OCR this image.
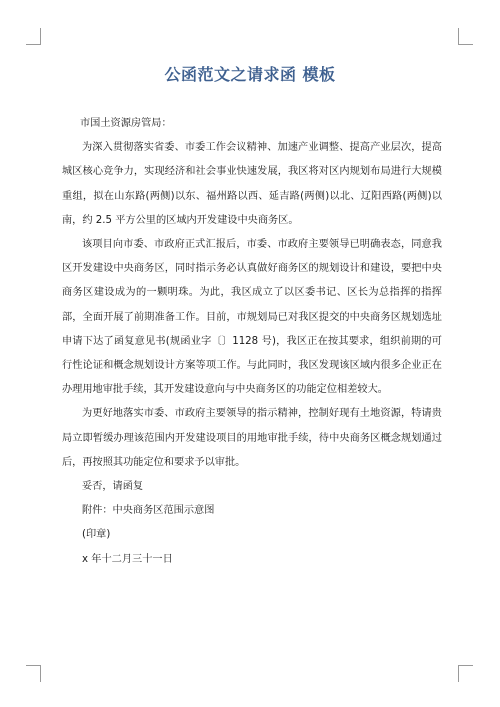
公函范文之请求函 模板

市国土资源房管局：

为深入贯彻落实省委、市委工作会议精神、加速产业调整、提高产业层次，提高城区核心竞争力，实现经济和社会事业快速发展，我区将对区内规划布局进行大规模重组，拟在山东路(两侧)以东、福州路以西、延吉路(两侧)以北、辽阳西路(两侧)以南，约 2.5 平方公里的区域内开发建设中央商务区。

该项目向市委、市政府正式汇报后，市委、市政府主要领导已明确表态，同意我区开发建设中央商务区，同时指示务必认真做好商务区的规划设计和建设，要把中央商务区建设成为的一颗明珠。为此，我区成立了以区委书记、区长为总指挥的指挥部，全面开展了前期准备工作。目前，市规划局已对我区提交的中央商务区规划选址申请下达了函复意见书(规函业字〔〕1128 号)，我区正在按其要求，组织前期的可行性论证和概念规划设计方案等项工作。与此同时，我区发现该区域内很多企业正在办理用地审批手续，其开发建设意向与中央商务区的功能定位相差较大。

为更好地落实市委、市政府主要领导的指示精神，控制好现有土地资源，特请贵局立即暂缓办理该范围内开发建设项目的用地审批手续，待中央商务区概念规划通过后，再按照其功能定位和要求予以审批。

妥否，请函复

附件：中央商务区范围示意图

(印章)

x 年十二月三十一日
